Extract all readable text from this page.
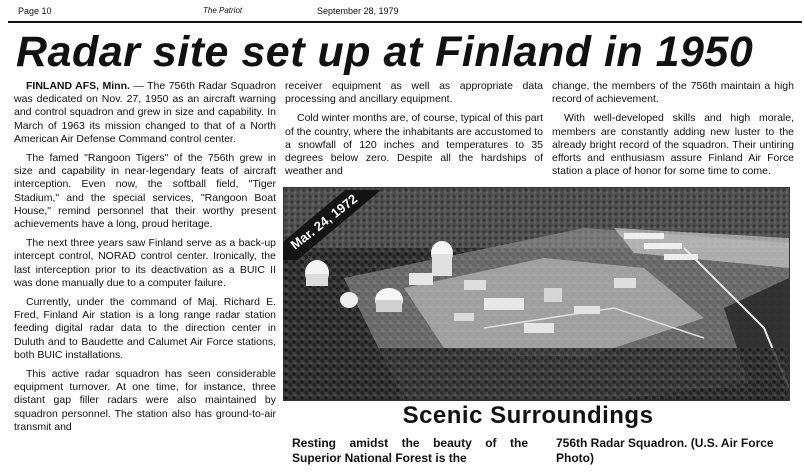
Page 10	The Patriot	September 28, 1979
Radar site set up at Finland in 1950

FINLAND AFS, Minn. — The 756th Radar Squadron was dedicated on Nov. 27, 1950 as an aircraft warning and control squadron and grew in size and capability. In March of 1963 its mission changed to that of a North American Air Defense Command control center.

The famed "Rangoon Tigers" of the 756th grew in size and capability in near-legendary feats of aircraft interception. Even now, the softball field, "Tiger Stadium," and the special services, "Rangoon Boat House," remind personnel that their worthy present achievements have a long, proud heritage.

The next three years saw Finland serve as a back-up intercept control, NORAD control center. Ironically, the last interception prior to its deactivation as a BUIC II was done manually due to a computer failure.

Currently, under the command of Maj. Richard E. Fred, Finland Air station is a long range radar station feeding digital radar data to the direction center in Duluth and to Baudette and Calumet Air Force stations, both BUIC installations.

This active radar squadron has seen considerable equipment turnover. At one time, for instance, three distant gap filler radars were also maintained by squadron personnel. The station also has ground-to-air transmit and

receiver equipment as well as appropriate data processing and ancillary equipment.

Cold winter months are, of course, typical of this part of the country, where the inhabitants are accustomed to a snowfall of 120 inches and temperatures to 35 degrees below zero. Despite all the hardships of weather and

change, the members of the 756th maintain a high record of achievement.

With well-developed skills and high morale, members are constantly adding new luster to the already bright record of the squadron. Their untiring efforts and enthusiasm assure Finland Air Force station a place of honor for some time to come.

Mar. 24, 1972
Scenic Surroundings
Resting amidst the beauty of the Superior National Forest is the
756th Radar Squadron. (U.S. Air Force Photo)
